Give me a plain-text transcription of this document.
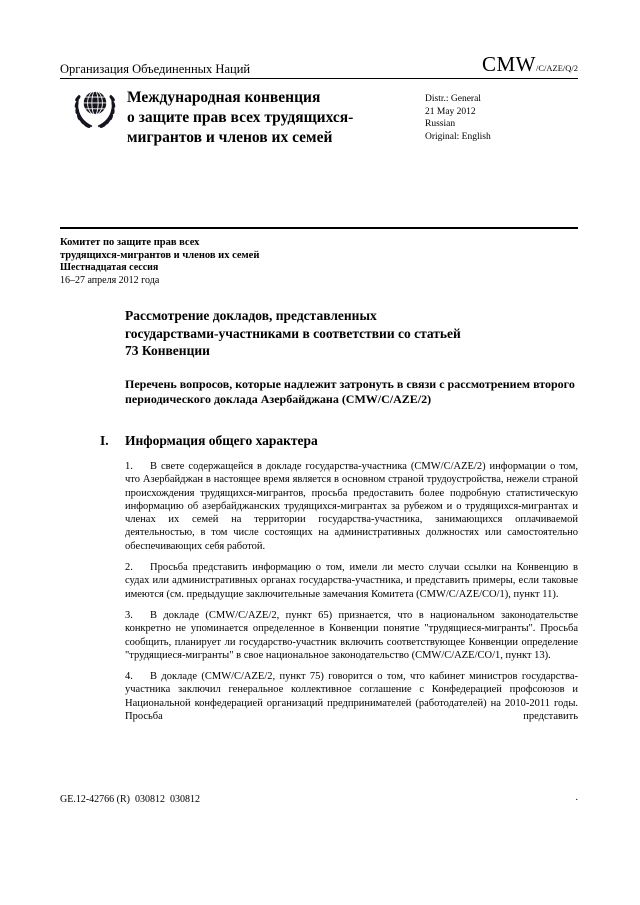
Организация Объединенных Наций	CMW/C/AZE/Q/2
Международная конвенция
о защите прав всех трудящихся-
мигрантов и членов их семей
Distr.: General
21 May 2012
Russian
Original: English
Комитет по защите прав всех
трудящихся-мигрантов и членов их семей
Шестнадцатая сессия
16–27 апреля 2012 года
Рассмотрение докладов, представленных государствами-участниками в соответствии со статьей 73 Конвенции
Перечень вопросов, которые надлежит затронуть в связи с рассмотрением второго периодического доклада Азербайджана (CMW/C/AZE/2)
I.	Информация общего характера

1. В свете содержащейся в докладе государства-участника (CMW/C/AZE/2) информации о том, что Азербайджан в настоящее время является в основном страной трудоустройства, нежели страной происхождения трудящихся-мигрантов, просьба предоставить более подробную статистическую информацию об азербайджанских трудящихся-мигрантах за рубежом и о трудящихся-мигрантах и членах их семей на территории государства-участника, занимающихся оплачиваемой деятельностью, в том числе состоящих на административных должностях или самостоятельно обеспечивающих себя работой.

2. Просьба представить информацию о том, имели ли место случаи ссылки на Конвенцию в судах или административных органах государства-участника, и представить примеры, если таковые имеются (см. предыдущие заключительные замечания Комитета (CMW/C/AZE/CO/1), пункт 11).

3. В докладе (CMW/C/AZE/2, пункт 65) признается, что в национальном законодательстве конкретно не упоминается определенное в Конвенции понятие "трудящиеся-мигранты". Просьба сообщить, планирует ли государство-участник включить соответствующее Конвенции определение "трудящиеся-мигранты" в свое национальное законодательство (CMW/C/AZE/CO/1, пункт 13).

4. В докладе (CMW/C/AZE/2, пункт 75) говорится о том, что кабинет министров государства-участника заключил генеральное коллективное соглашение с Конфедерацией профсоюзов и Национальной конфедерацией организаций предпринимателей (работодателей) на 2010-2011 годы. Просьба представить

GE.12-42766 (R)  030812  030812	.
